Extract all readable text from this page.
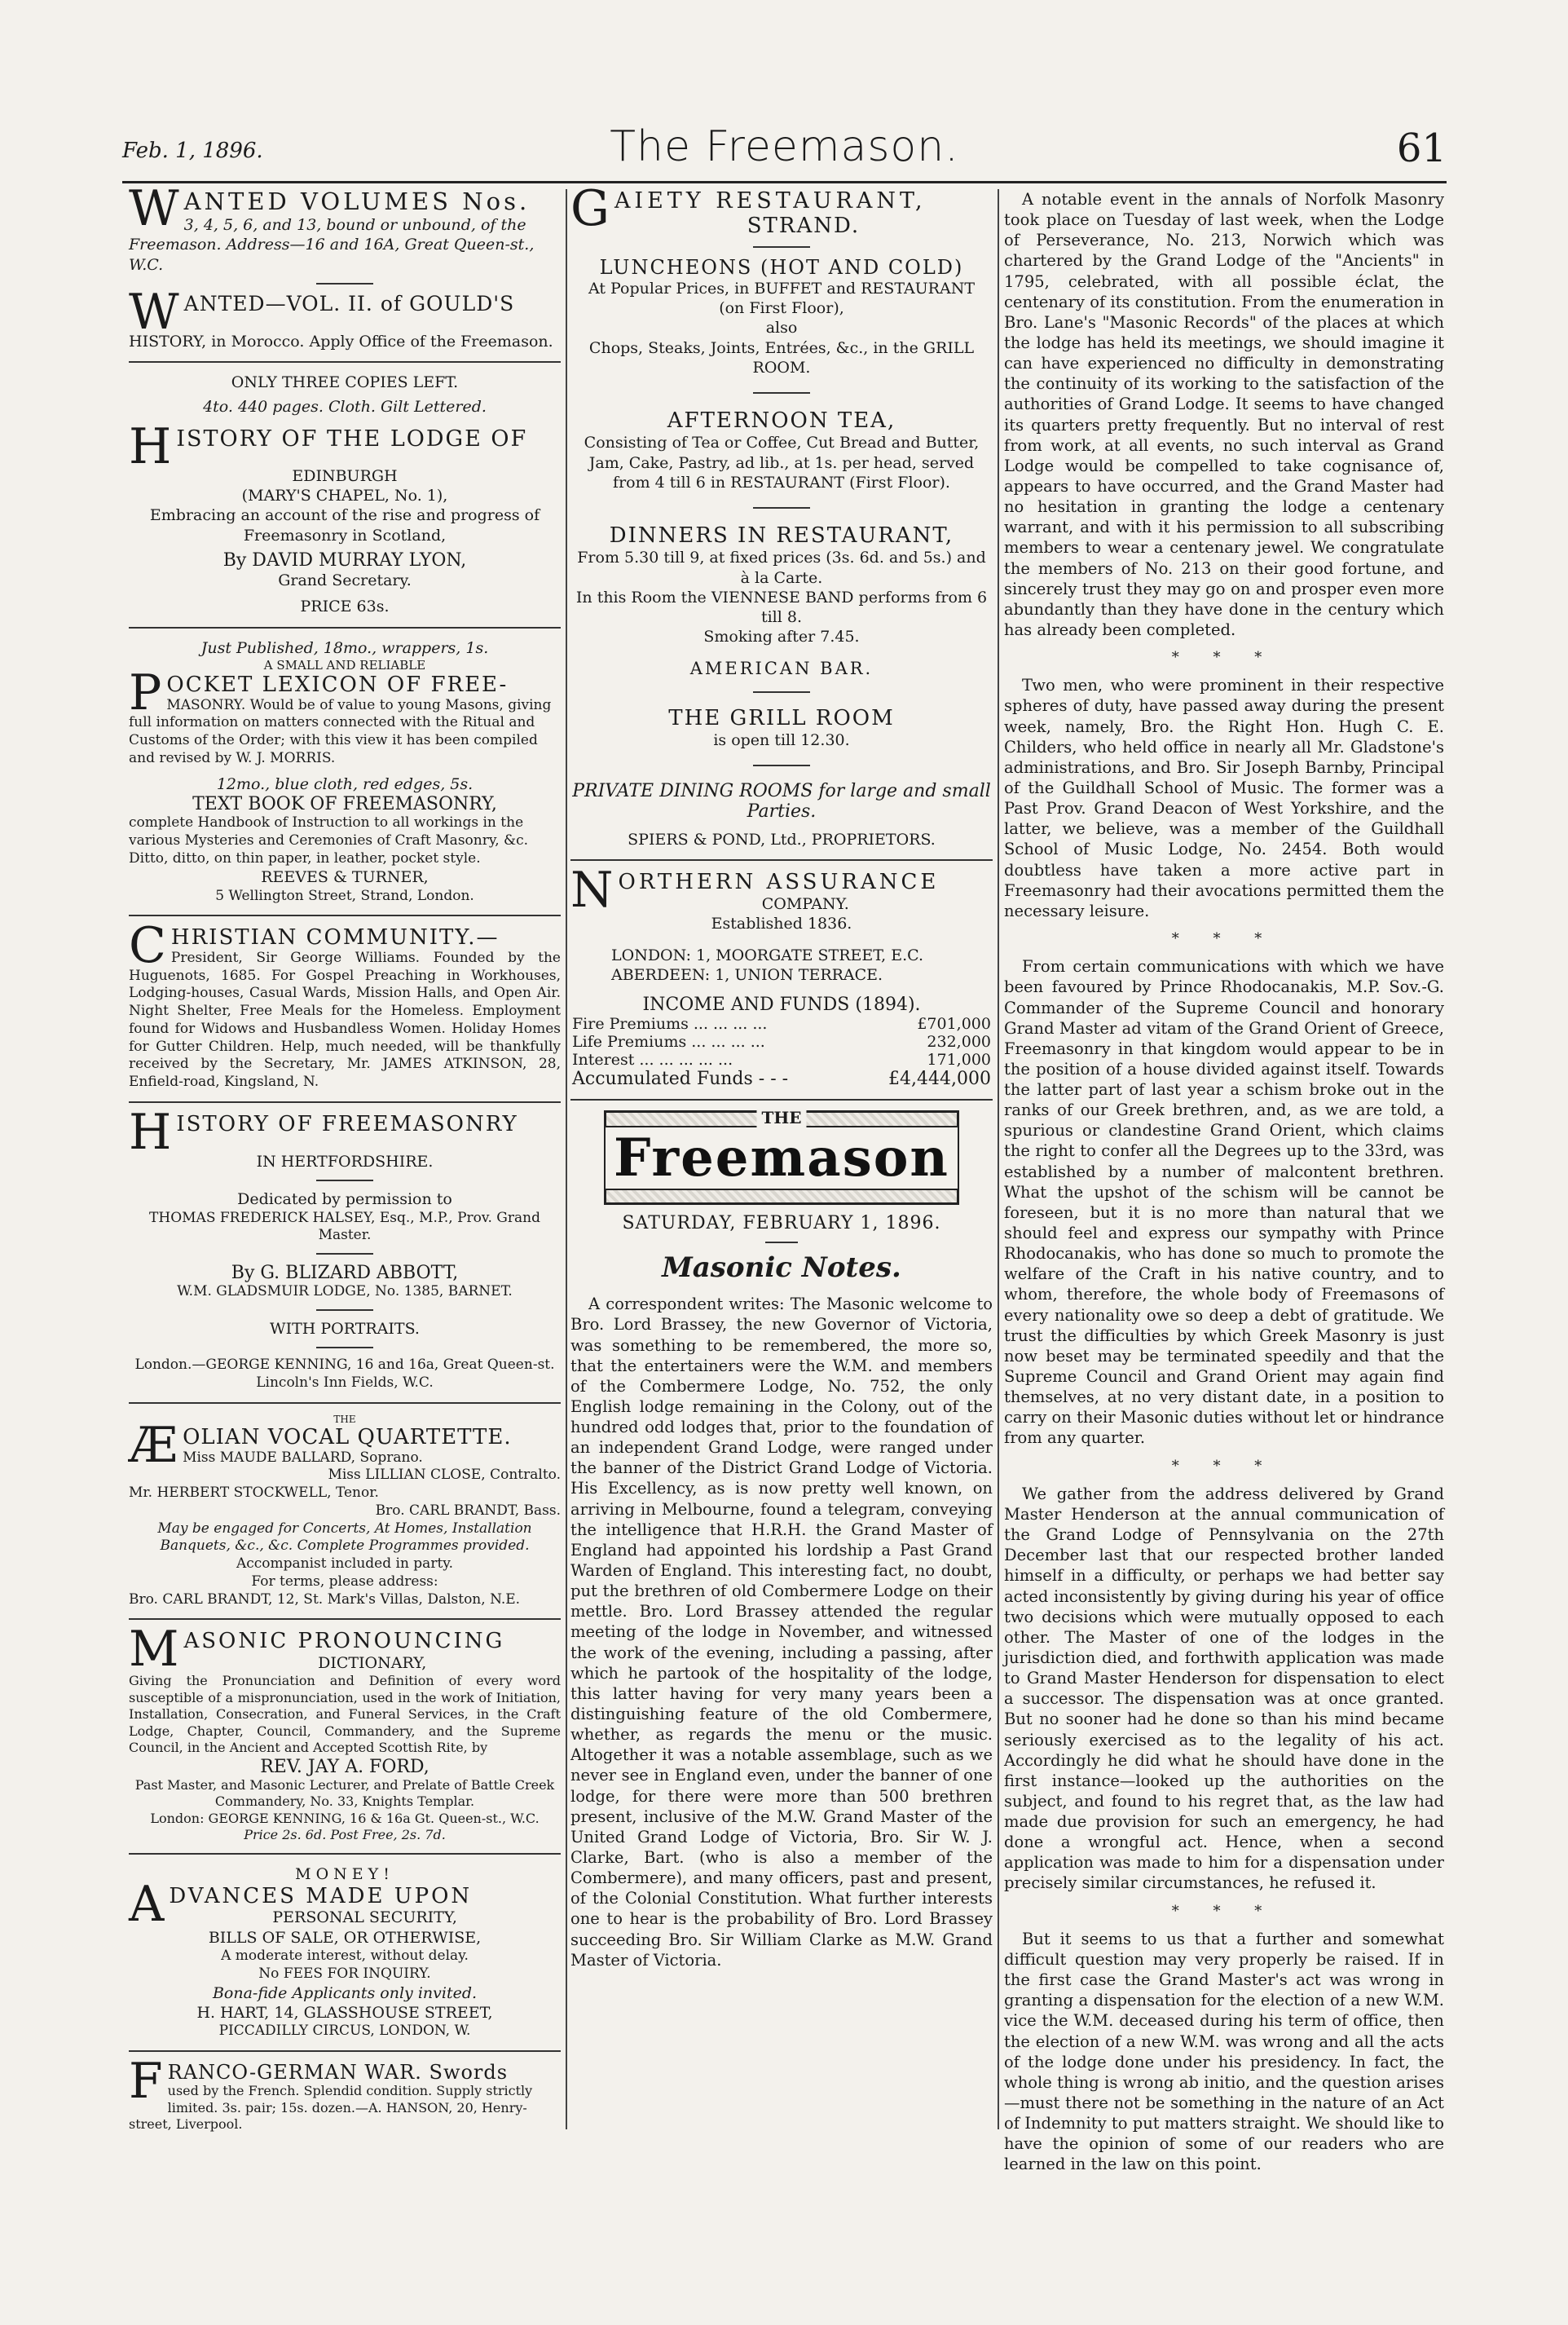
Feb. 1, 1896.	The Freemason.	61
WANTED VOLUMES Nos.
3, 4, 5, 6, and 13, bound or unbound, of the Freemason. Address—16 and 16A, Great Queen-st., W.C.
WANTED—VOL. II. of GOULD'S
HISTORY, in Morocco. Apply Office of the Freemason.
ONLY THREE COPIES LEFT.
4to. 440 pages. Cloth. Gilt Lettered.
HISTORY OF THE LODGE OF
EDINBURGH
(MARY'S CHAPEL, No. 1),
Embracing an account of the rise and progress of Freemasonry in Scotland,
By DAVID MURRAY LYON,
Grand Secretary.
PRICE 63s.
Just Published, 18mo., wrappers, 1s.
A SMALL AND RELIABLE
POCKET LEXICON OF FREE-
MASONRY. Would be of value to young Masons, giving full information on matters connected with the Ritual and Customs of the Order; with this view it has been compiled and revised by W. J. MORRIS.
12mo., blue cloth, red edges, 5s.
TEXT BOOK OF FREEMASONRY,
complete Handbook of Instruction to all workings in the various Mysteries and Ceremonies of Craft Masonry, &c.
Ditto, ditto, on thin paper, in leather, pocket style.
REEVES & TURNER,
5 Wellington Street, Strand, London.
CHRISTIAN COMMUNITY.—
President, Sir George Williams. Founded by the Huguenots, 1685. For Gospel Preaching in Workhouses, Lodging-houses, Casual Wards, Mission Halls, and Open Air. Night Shelter, Free Meals for the Homeless. Employment found for Widows and Husbandless Women. Holiday Homes for Gutter Children. Help, much needed, will be thankfully received by the Secretary, Mr. JAMES ATKINSON, 28, Enfield-road, Kingsland, N.
HISTORY OF FREEMASONRY
IN HERTFORDSHIRE.
Dedicated by permission to
THOMAS FREDERICK HALSEY, Esq., M.P., Prov. Grand Master.
By G. BLIZARD ABBOTT,
W.M. GLADSMUIR LODGE, No. 1385, BARNET.
WITH PORTRAITS.
London.—GEORGE KENNING, 16 and 16a, Great Queen-st. Lincoln's Inn Fields, W.C.
THE
ÆOLIAN VOCAL QUARTETTE.
Miss MAUDE BALLARD, Soprano.
Miss LILLIAN CLOSE, Contralto.
Mr. HERBERT STOCKWELL, Tenor.
Bro. CARL BRANDT, Bass.
May be engaged for Concerts, At Homes, Installation Banquets, &c., &c. Complete Programmes provided.
Accompanist included in party.
For terms, please address:
Bro. CARL BRANDT, 12, St. Mark's Villas, Dalston, N.E.
MASONIC PRONOUNCING
DICTIONARY,
Giving the Pronunciation and Definition of every word susceptible of a mispronunciation, used in the work of Initiation, Installation, Consecration, and Funeral Services, in the Craft Lodge, Chapter, Council, Commandery, and the Supreme Council, in the Ancient and Accepted Scottish Rite, by
REV. JAY A. FORD,
Past Master, and Masonic Lecturer, and Prelate of Battle Creek Commandery, No. 33, Knights Templar.
London: GEORGE KENNING, 16 & 16a Gt. Queen-st., W.C.
Price 2s. 6d. Post Free, 2s. 7d.
MONEY!
ADVANCES MADE UPON
PERSONAL SECURITY,
BILLS OF SALE, OR OTHERWISE,
A moderate interest, without delay.
No FEES FOR INQUIRY.
Bona-fide Applicants only invited.
H. HART, 14, GLASSHOUSE STREET,
PICCADILLY CIRCUS, LONDON, W.
FRANCO-GERMAN WAR. Swords
used by the French. Splendid condition. Supply strictly limited. 3s. pair; 15s. dozen.—A. HANSON, 20, Henry-street, Liverpool.
GAIETY RESTAURANT,
STRAND.
LUNCHEONS (HOT AND COLD)
At Popular Prices, in BUFFET and RESTAURANT
(on First Floor),
also
Chops, Steaks, Joints, Entrées, &c., in the GRILL ROOM.
AFTERNOON TEA,
Consisting of Tea or Coffee, Cut Bread and Butter, Jam, Cake, Pastry, ad lib., at 1s. per head, served from 4 till 6 in RESTAURANT (First Floor).
DINNERS IN RESTAURANT,
From 5.30 till 9, at fixed prices (3s. 6d. and 5s.) and à la Carte.
In this Room the VIENNESE BAND performs from 6 till 8.
Smoking after 7.45.
AMERICAN BAR.
THE GRILL ROOM
is open till 12.30.
PRIVATE DINING ROOMS for large and small Parties.
SPIERS & POND, Ltd., PROPRIETORS.
NORTHERN ASSURANCE
COMPANY.
Established 1836.
LONDON: 1, MOORGATE STREET, E.C.
ABERDEEN: 1, UNION TERRACE.
INCOME AND FUNDS (1894).
Fire Premiums ... ... ... ...	£701,000
Life Premiums ... ... ... ...	232,000
Interest ... ... ... ... ...	171,000
Accumulated Funds - - -	£4,444,000
THE
Freemason
SATURDAY, FEBRUARY 1, 1896.
Masonic Notes.

A correspondent writes: The Masonic welcome to Bro. Lord Brassey, the new Governor of Victoria, was something to be remembered, the more so, that the entertainers were the W.M. and members of the Combermere Lodge, No. 752, the only English lodge remaining in the Colony, out of the hundred odd lodges that, prior to the foundation of an independent Grand Lodge, were ranged under the banner of the District Grand Lodge of Victoria. His Excellency, as is now pretty well known, on arriving in Melbourne, found a telegram, conveying the intelligence that H.R.H. the Grand Master of England had appointed his lordship a Past Grand Warden of England. This interesting fact, no doubt, put the brethren of old Combermere Lodge on their mettle. Bro. Lord Brassey attended the regular meeting of the lodge in November, and witnessed the work of the evening, including a passing, after which he partook of the hospitality of the lodge, this latter having for very many years been a distinguishing feature of the old Combermere, whether, as regards the menu or the music. Altogether it was a notable assemblage, such as we never see in England even, under the banner of one lodge, for there were more than 500 brethren present, inclusive of the M.W. Grand Master of the United Grand Lodge of Victoria, Bro. Sir W. J. Clarke, Bart. (who is also a member of the Combermere), and many officers, past and present, of the Colonial Constitution. What further interests one to hear is the probability of Bro. Lord Brassey succeeding Bro. Sir William Clarke as M.W. Grand Master of Victoria.

A notable event in the annals of Norfolk Masonry took place on Tuesday of last week, when the Lodge of Perseverance, No. 213, Norwich which was chartered by the Grand Lodge of the "Ancients" in 1795, celebrated, with all possible éclat, the centenary of its constitution. From the enumeration in Bro. Lane's "Masonic Records" of the places at which the lodge has held its meetings, we should imagine it can have experienced no difficulty in demonstrating the continuity of its working to the satisfaction of the authorities of Grand Lodge. It seems to have changed its quarters pretty frequently. But no interval of rest from work, at all events, no such interval as Grand Lodge would be compelled to take cognisance of, appears to have occurred, and the Grand Master had no hesitation in granting the lodge a centenary warrant, and with it his permission to all subscribing members to wear a centenary jewel. We congratulate the members of No. 213 on their good fortune, and sincerely trust they may go on and prosper even more abundantly than they have done in the century which has already been completed.

* * *

Two men, who were prominent in their respective spheres of duty, have passed away during the present week, namely, Bro. the Right Hon. Hugh C. E. Childers, who held office in nearly all Mr. Gladstone's administrations, and Bro. Sir Joseph Barnby, Principal of the Guildhall School of Music. The former was a Past Prov. Grand Deacon of West Yorkshire, and the latter, we believe, was a member of the Guildhall School of Music Lodge, No. 2454. Both would doubtless have taken a more active part in Freemasonry had their avocations permitted them the necessary leisure.

* * *

From certain communications with which we have been favoured by Prince Rhodocanakis, M.P. Sov.-G. Commander of the Supreme Council and honorary Grand Master ad vitam of the Grand Orient of Greece, Freemasonry in that kingdom would appear to be in the position of a house divided against itself. Towards the latter part of last year a schism broke out in the ranks of our Greek brethren, and, as we are told, a spurious or clandestine Grand Orient, which claims the right to confer all the Degrees up to the 33rd, was established by a number of malcontent brethren. What the upshot of the schism will be cannot be foreseen, but it is no more than natural that we should feel and express our sympathy with Prince Rhodocanakis, who has done so much to promote the welfare of the Craft in his native country, and to whom, therefore, the whole body of Freemasons of every nationality owe so deep a debt of gratitude. We trust the difficulties by which Greek Masonry is just now beset may be terminated speedily and that the Supreme Council and Grand Orient may again find themselves, at no very distant date, in a position to carry on their Masonic duties without let or hindrance from any quarter.

* * *

We gather from the address delivered by Grand Master Henderson at the annual communication of the Grand Lodge of Pennsylvania on the 27th December last that our respected brother landed himself in a difficulty, or perhaps we had better say acted inconsistently by giving during his year of office two decisions which were mutually opposed to each other. The Master of one of the lodges in the jurisdiction died, and forthwith application was made to Grand Master Henderson for dispensation to elect a successor. The dispensation was at once granted. But no sooner had he done so than his mind became seriously exercised as to the legality of his act. Accordingly he did what he should have done in the first instance—looked up the authorities on the subject, and found to his regret that, as the law had made due provision for such an emergency, he had done a wrongful act. Hence, when a second application was made to him for a dispensation under precisely similar circumstances, he refused it.

* * *

But it seems to us that a further and somewhat difficult question may very properly be raised. If in the first case the Grand Master's act was wrong in granting a dispensation for the election of a new W.M. vice the W.M. deceased during his term of office, then the election of a new W.M. was wrong and all the acts of the lodge done under his presidency. In fact, the whole thing is wrong ab initio, and the question arises—must there not be something in the nature of an Act of Indemnity to put matters straight. We should like to have the opinion of some of our readers who are learned in the law on this point.
